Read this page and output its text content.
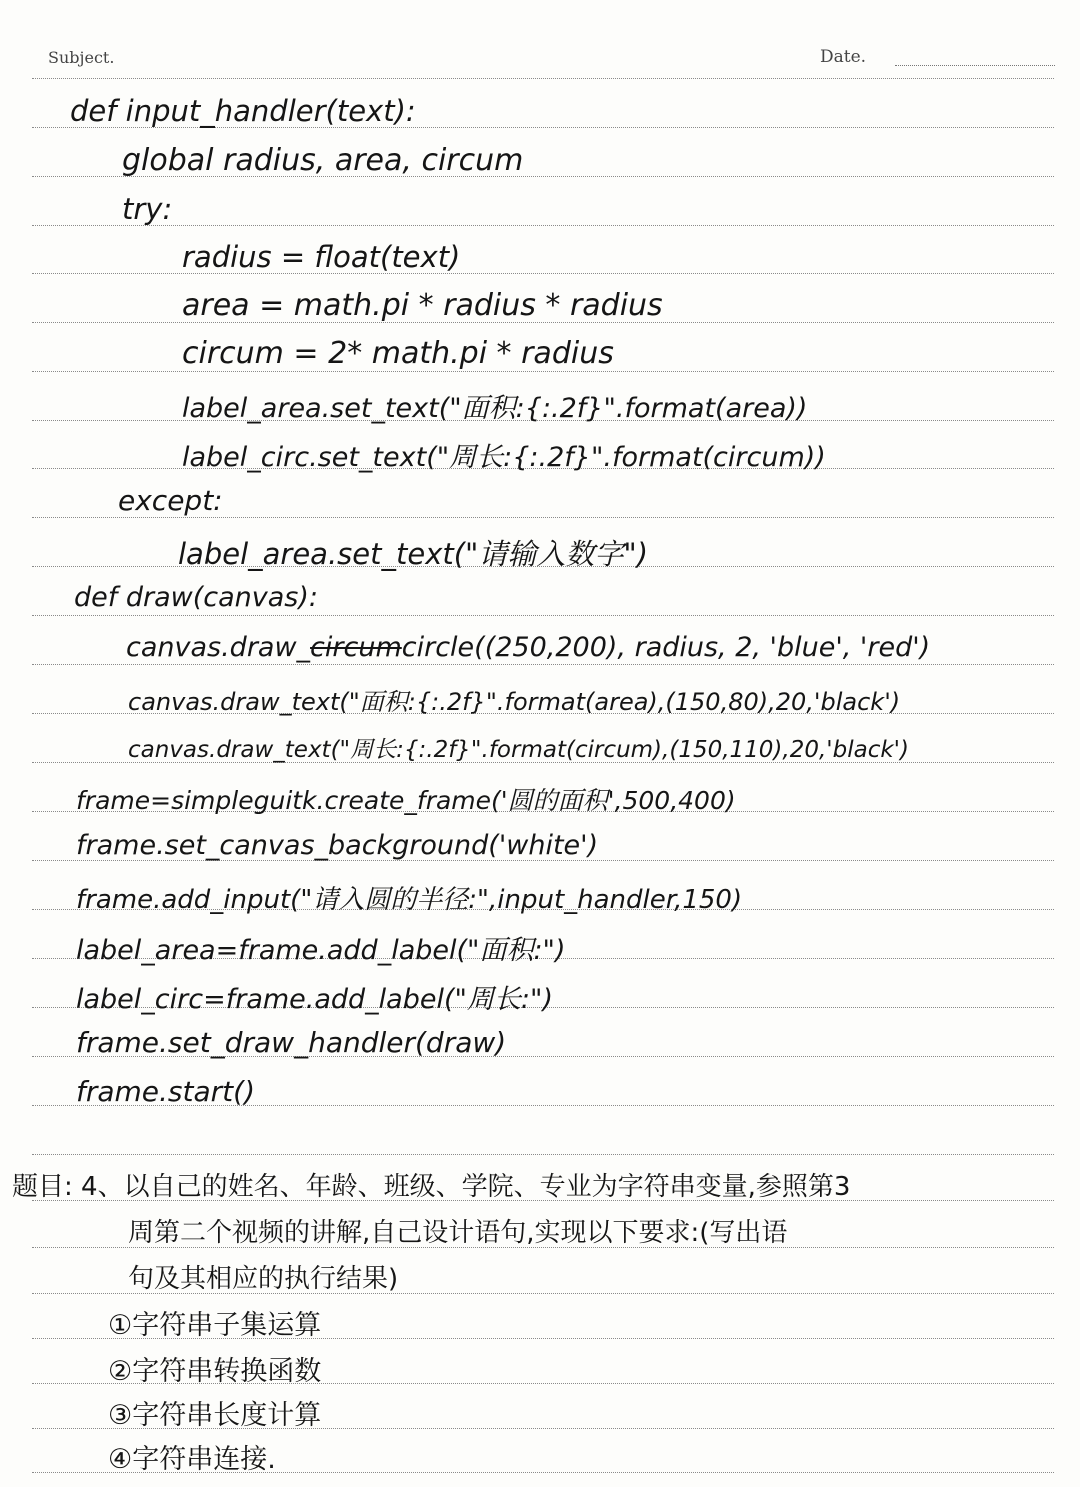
Subject.	Date.
def input_handler(text):
global radius, area, circum
try:
radius = float(text)
area = math.pi * radius * radius
circum = 2* math.pi * radius
label_area.set_text("面积:{:.2f}".format(area))
label_circ.set_text("周长:{:.2f}".format(circum))
except:
label_area.set_text("请输入数字")
def draw(canvas):
canvas.draw_circumcircle((250,200), radius, 2, 'blue', 'red')
canvas.draw_text("面积:{:.2f}".format(area),(150,80),20,'black')
canvas.draw_text("周长:{:.2f}".format(circum),(150,110),20,'black')
frame=simpleguitk.create_frame('圆的面积',500,400)
frame.set_canvas_background('white')
frame.add_input("请入圆的半径:",input_handler,150)
label_area=frame.add_label("面积:")
label_circ=frame.add_label("周长:")
frame.set_draw_handler(draw)
frame.start()
题目: 4、以自己的姓名、年龄、班级、学院、专业为字符串变量,参照第3
周第二个视频的讲解,自己设计语句,实现以下要求:(写出语
句及其相应的执行结果)
①字符串子集运算
②字符串转换函数
③字符串长度计算
④字符串连接.
